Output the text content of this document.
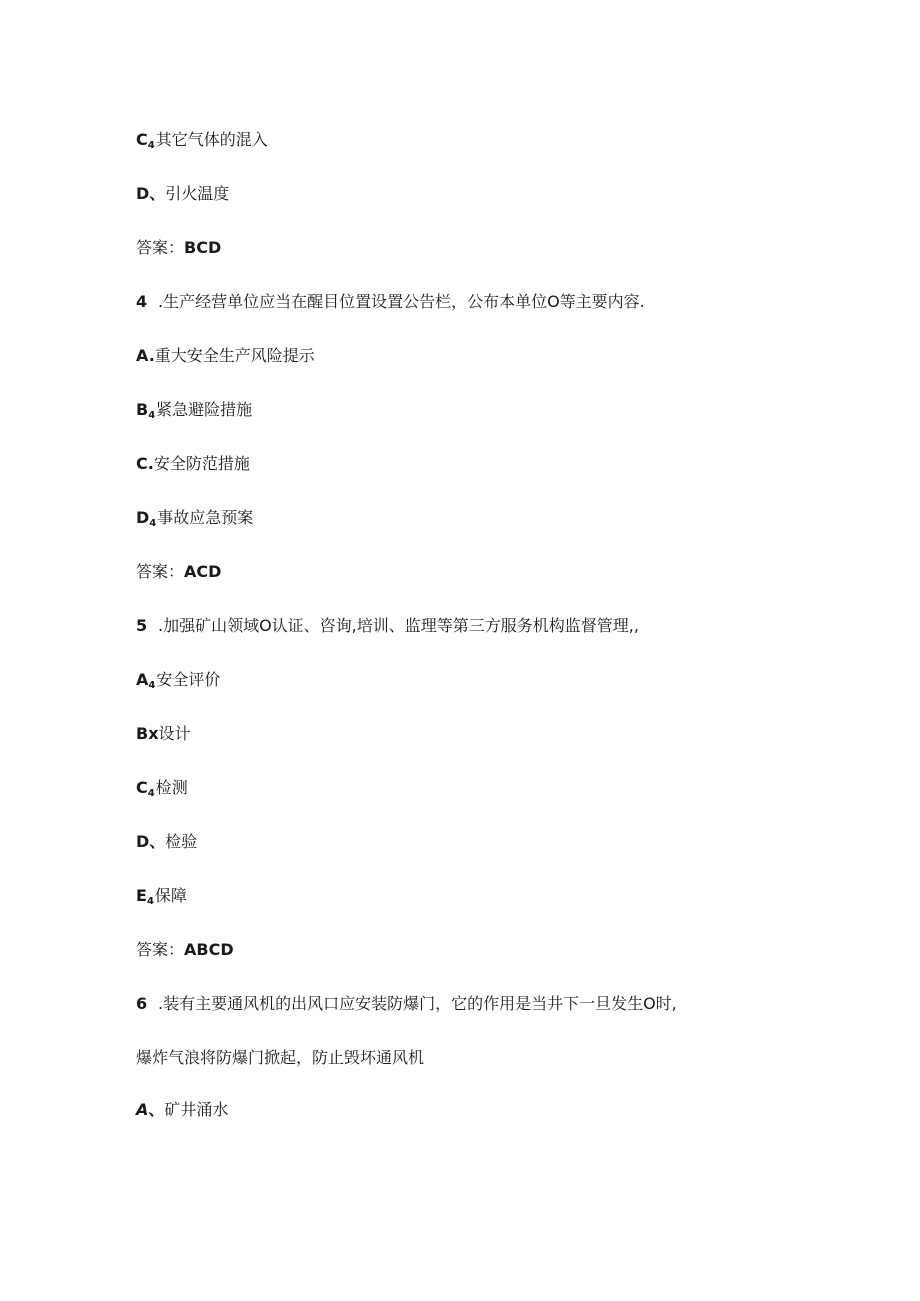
C4其它气体的混入

D、引火温度

答案：BCD

4 .生产经营单位应当在醒目位置设置公告栏，公布本单位O等主要内容.

A.重大安全生产风险提示

B4紧急避险措施

C.安全防范措施

D4事故应急预案

答案：ACD

5 .加强矿山领域O认证、咨询,培训、监理等第三方服务机构监督管理,,

A4安全评价

Bx设计

C4检测

D、检验

E4保障

答案：ABCD

6 .装有主要通风机的出风口应安装防爆门，它的作用是当井下一旦发生O时,

爆炸气浪将防爆门掀起，防止毁坏通风机

A、矿井涌水
